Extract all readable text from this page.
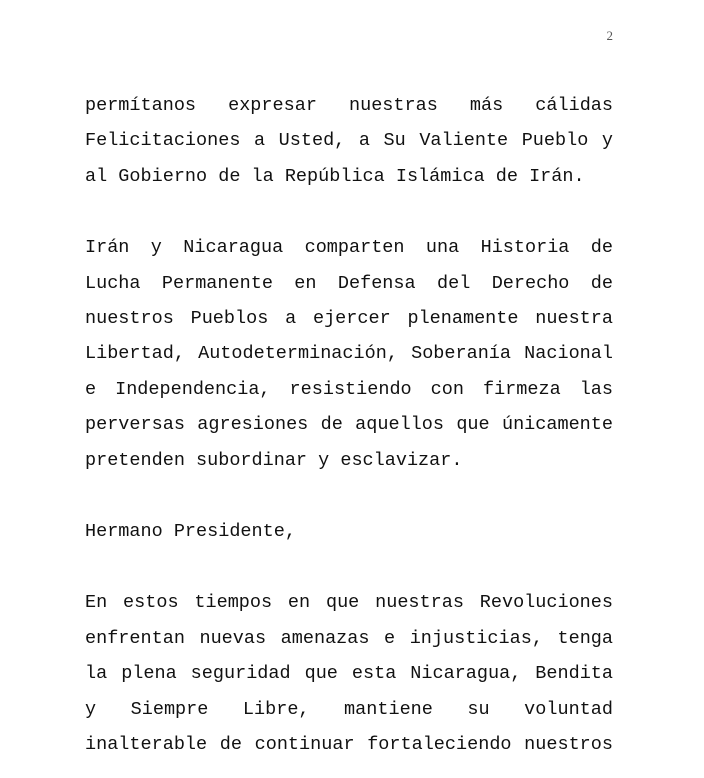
2

permítanos expresar nuestras más cálidas Felicitaciones a Usted, a Su Valiente Pueblo y al Gobierno de la República Islámica de Irán.

Irán y Nicaragua comparten una Historia de Lucha Permanente en Defensa del Derecho de nuestros Pueblos a ejercer plenamente nuestra Libertad, Autodeterminación, Soberanía Nacional e Independencia, resistiendo con firmeza las perversas agresiones de aquellos que únicamente pretenden subordinar y esclavizar.

Hermano Presidente,

En estos tiempos en que nuestras Revoluciones enfrentan nuevas amenazas e injusticias, tenga la plena seguridad que esta Nicaragua, Bendita y Siempre Libre, mantiene su voluntad inalterable de continuar fortaleciendo nuestros
